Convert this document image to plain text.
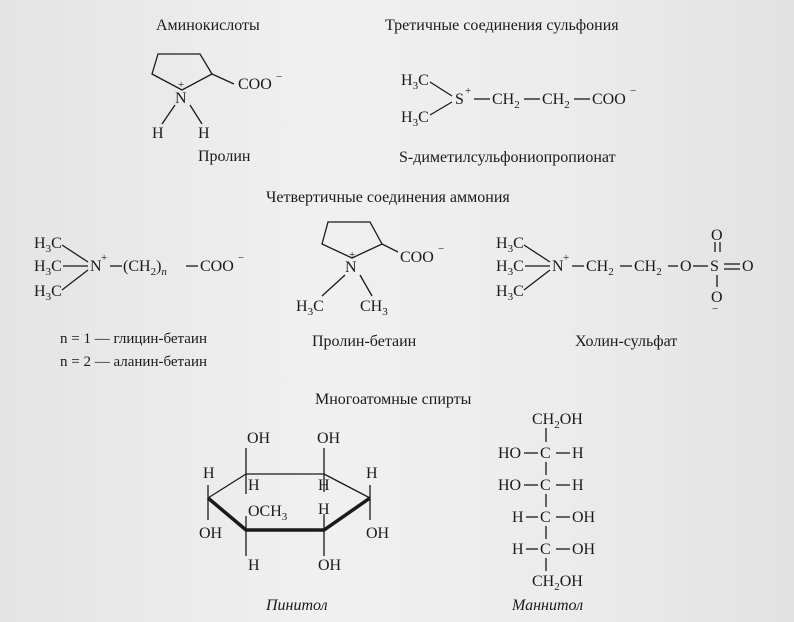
Аминокислоты	Третичные соединения сульфония
Четвертичные соединения аммония
Многоатомные спирты
COO −
N
+
H H
Пролин
$H_3C$
$H_3C$
$S + CH_2$ $CH_2$ COO −
S-диметилсульфониопропионат
$H_3C$
$H_3C$
$H_3C$
$N + (CH_2)_n$ COO −
n = 1 — глицин-бетаин
n = 2 — аланин-бетаин
COO −
N
+
$H_3C$ $CH_3$
Пролин-бетаин
$H_3C$
$H_3C$
$H_3C$
$N + CH_2$ $CH_2$ O S
O
O
O
−
Холин-сульфат
H
OH
OH
H
OH
H
H
OH
$OCH_3$
H
H
OH
Пинитол
$CH_2OH$
HO C H
HO C H
H C OH
H C OH
$CH_2OH$
Маннитол
